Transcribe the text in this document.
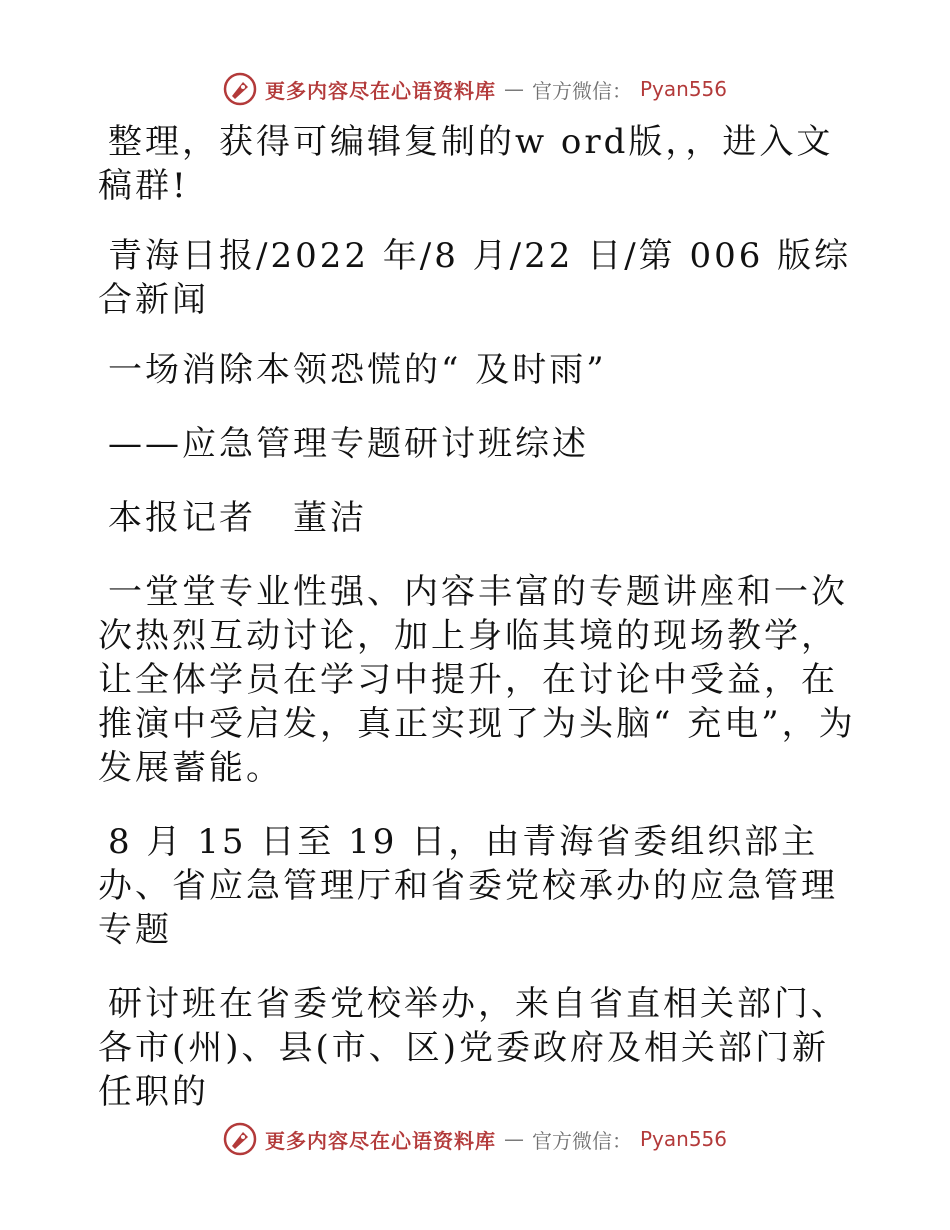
更多内容尽在心语资料库 — 官方微信： Pyan556

整理，获得可编辑复制的w ord版，，进入文稿群!

青海日报/2022 年/8 月/22 日/第 006 版综合新闻

一场消除本领恐慌的“ 及时雨”

——应急管理专题研讨班综述

本报记者　董洁

一堂堂专业性强、内容丰富的专题讲座和一次次热烈互动讨论，加上身临其境的现场教学，让全体学员在学习中提升，在讨论中受益，在推演中受启发，真正实现了为头脑“ 充电”，为发展蓄能。

8 月 15 日至 19 日，由青海省委组织部主办、省应急管理厅和省委党校承办的应急管理专题

研讨班在省委党校举办，来自省直相关部门、各市(州)、县(市、区)党委政府及相关部门新任职的

更多内容尽在心语资料库 — 官方微信： Pyan556
